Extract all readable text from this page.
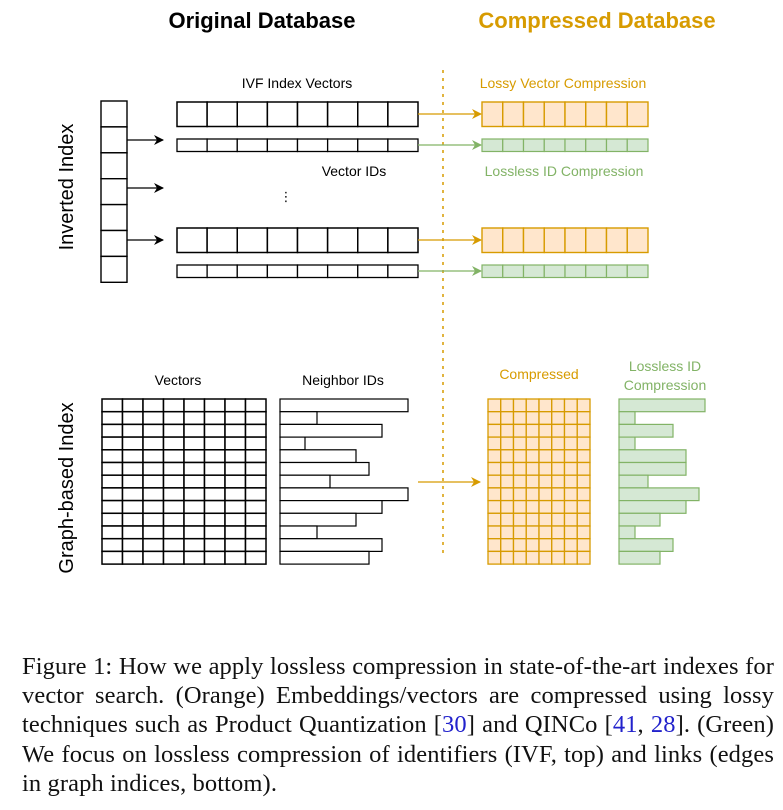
Original Database	Compressed Database
Inverted Index
IVF Index Vectors
Vector IDs
⋮
Lossy Vector Compression
Lossless ID Compression
Graph-based Index
Vectors	Neighbor IDs	Compressed	Lossless ID
Compression
Figure 1: How we apply lossless compression in state-of-the-art indexes for vector search. (Orange) Embeddings/vectors are compressed using lossy techniques such as Product Quantization [30] and QINCo [41, 28]. (Green) We focus on lossless compression of identifiers (IVF, top) and links (edges in graph indices, bottom).
